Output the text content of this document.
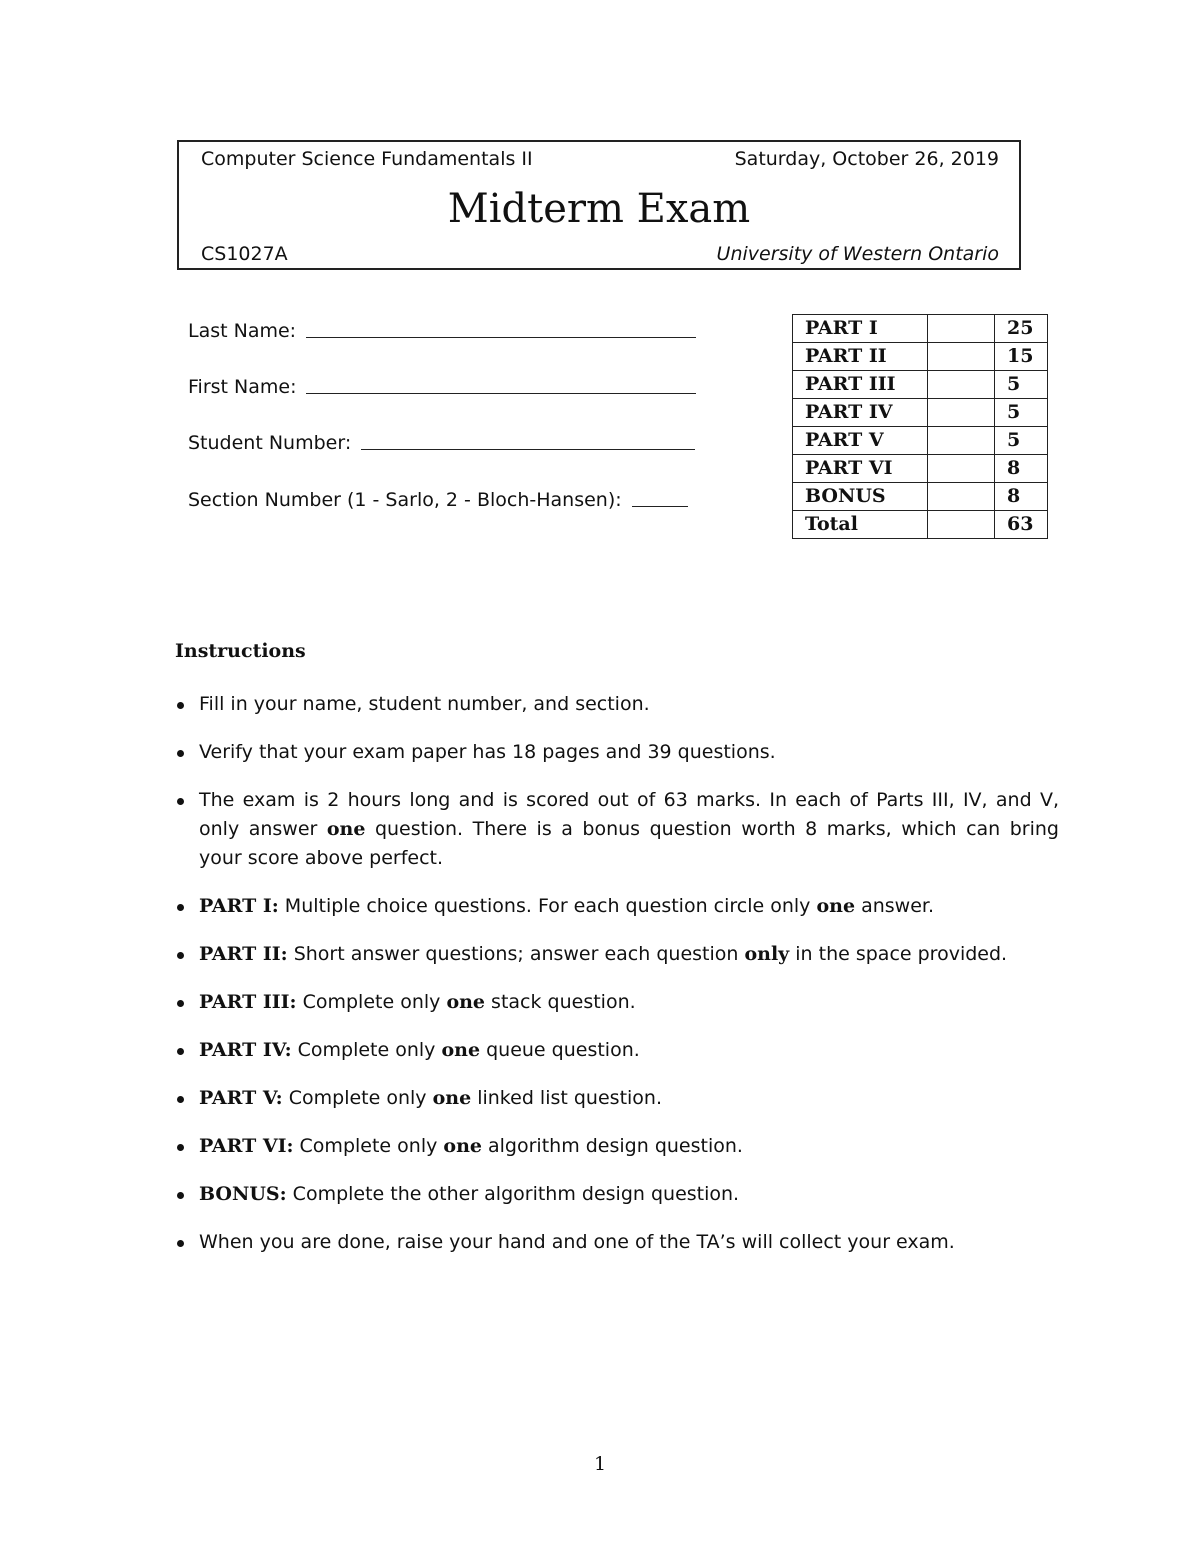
Computer Science Fundamentals II	Saturday, October 26, 2019
Midterm Exam
CS1027A	University of Western Ontario
Last Name:
First Name:
Student Number:
Section Number (1 - Sarlo, 2 - Bloch-Hansen):
PART I		25
PART II		15
PART III		5
PART IV		5
PART V		5
PART VI		8
BONUS		8
Total		63
Instructions
Fill in your name, student number, and section.
Verify that your exam paper has 18 pages and 39 questions.
The exam is 2 hours long and is scored out of 63 marks. In each of Parts III, IV, and V, only answer one question. There is a bonus question worth 8 marks, which can bring your score above perfect.
PART I: Multiple choice questions. For each question circle only one answer.
PART II: Short answer questions; answer each question only in the space provided.
PART III: Complete only one stack question.
PART IV: Complete only one queue question.
PART V: Complete only one linked list question.
PART VI: Complete only one algorithm design question.
BONUS: Complete the other algorithm design question.
When you are done, raise your hand and one of the TA’s will collect your exam.
1
